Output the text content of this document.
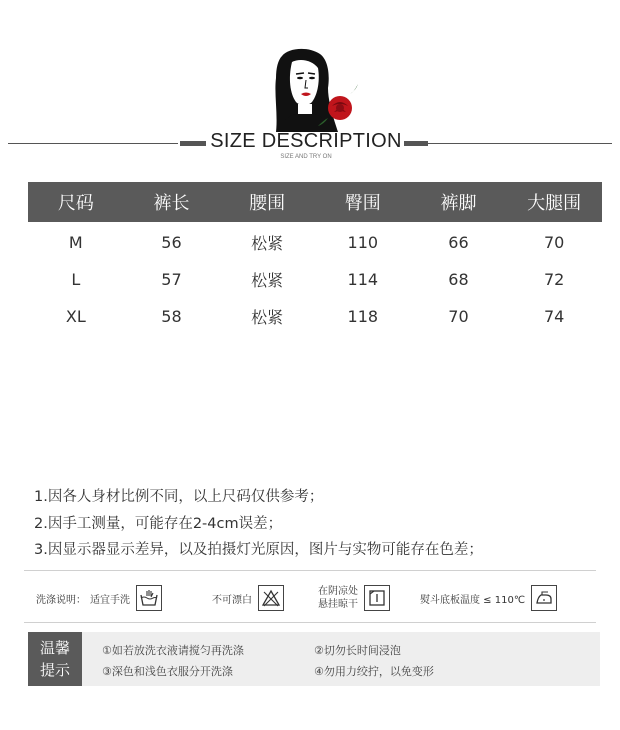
SIZE DESCRIPTION
SIZE AND TRY ON
尺码	裤长	腰围	臀围	裤脚	大腿围
M	56	松紧	110	66	70
L	57	松紧	114	68	72
XL	58	松紧	118	70	74
1.因各人身材比例不同，以上尺码仅供参考；
2.因手工测量，可能存在2-4cm误差；
3.因显示器显示差异，以及拍摄灯光原因，图片与实物可能存在色差；
洗涤说明： 适宜手洗	不可漂白
在阴凉处
悬挂晾干	熨斗底板温度 ≤ 110℃
温馨
提示
①如若放洗衣液请搅匀再洗涤	②切勿长时间浸泡
③深色和浅色衣服分开洗涤	④勿用力绞拧，以免变形
